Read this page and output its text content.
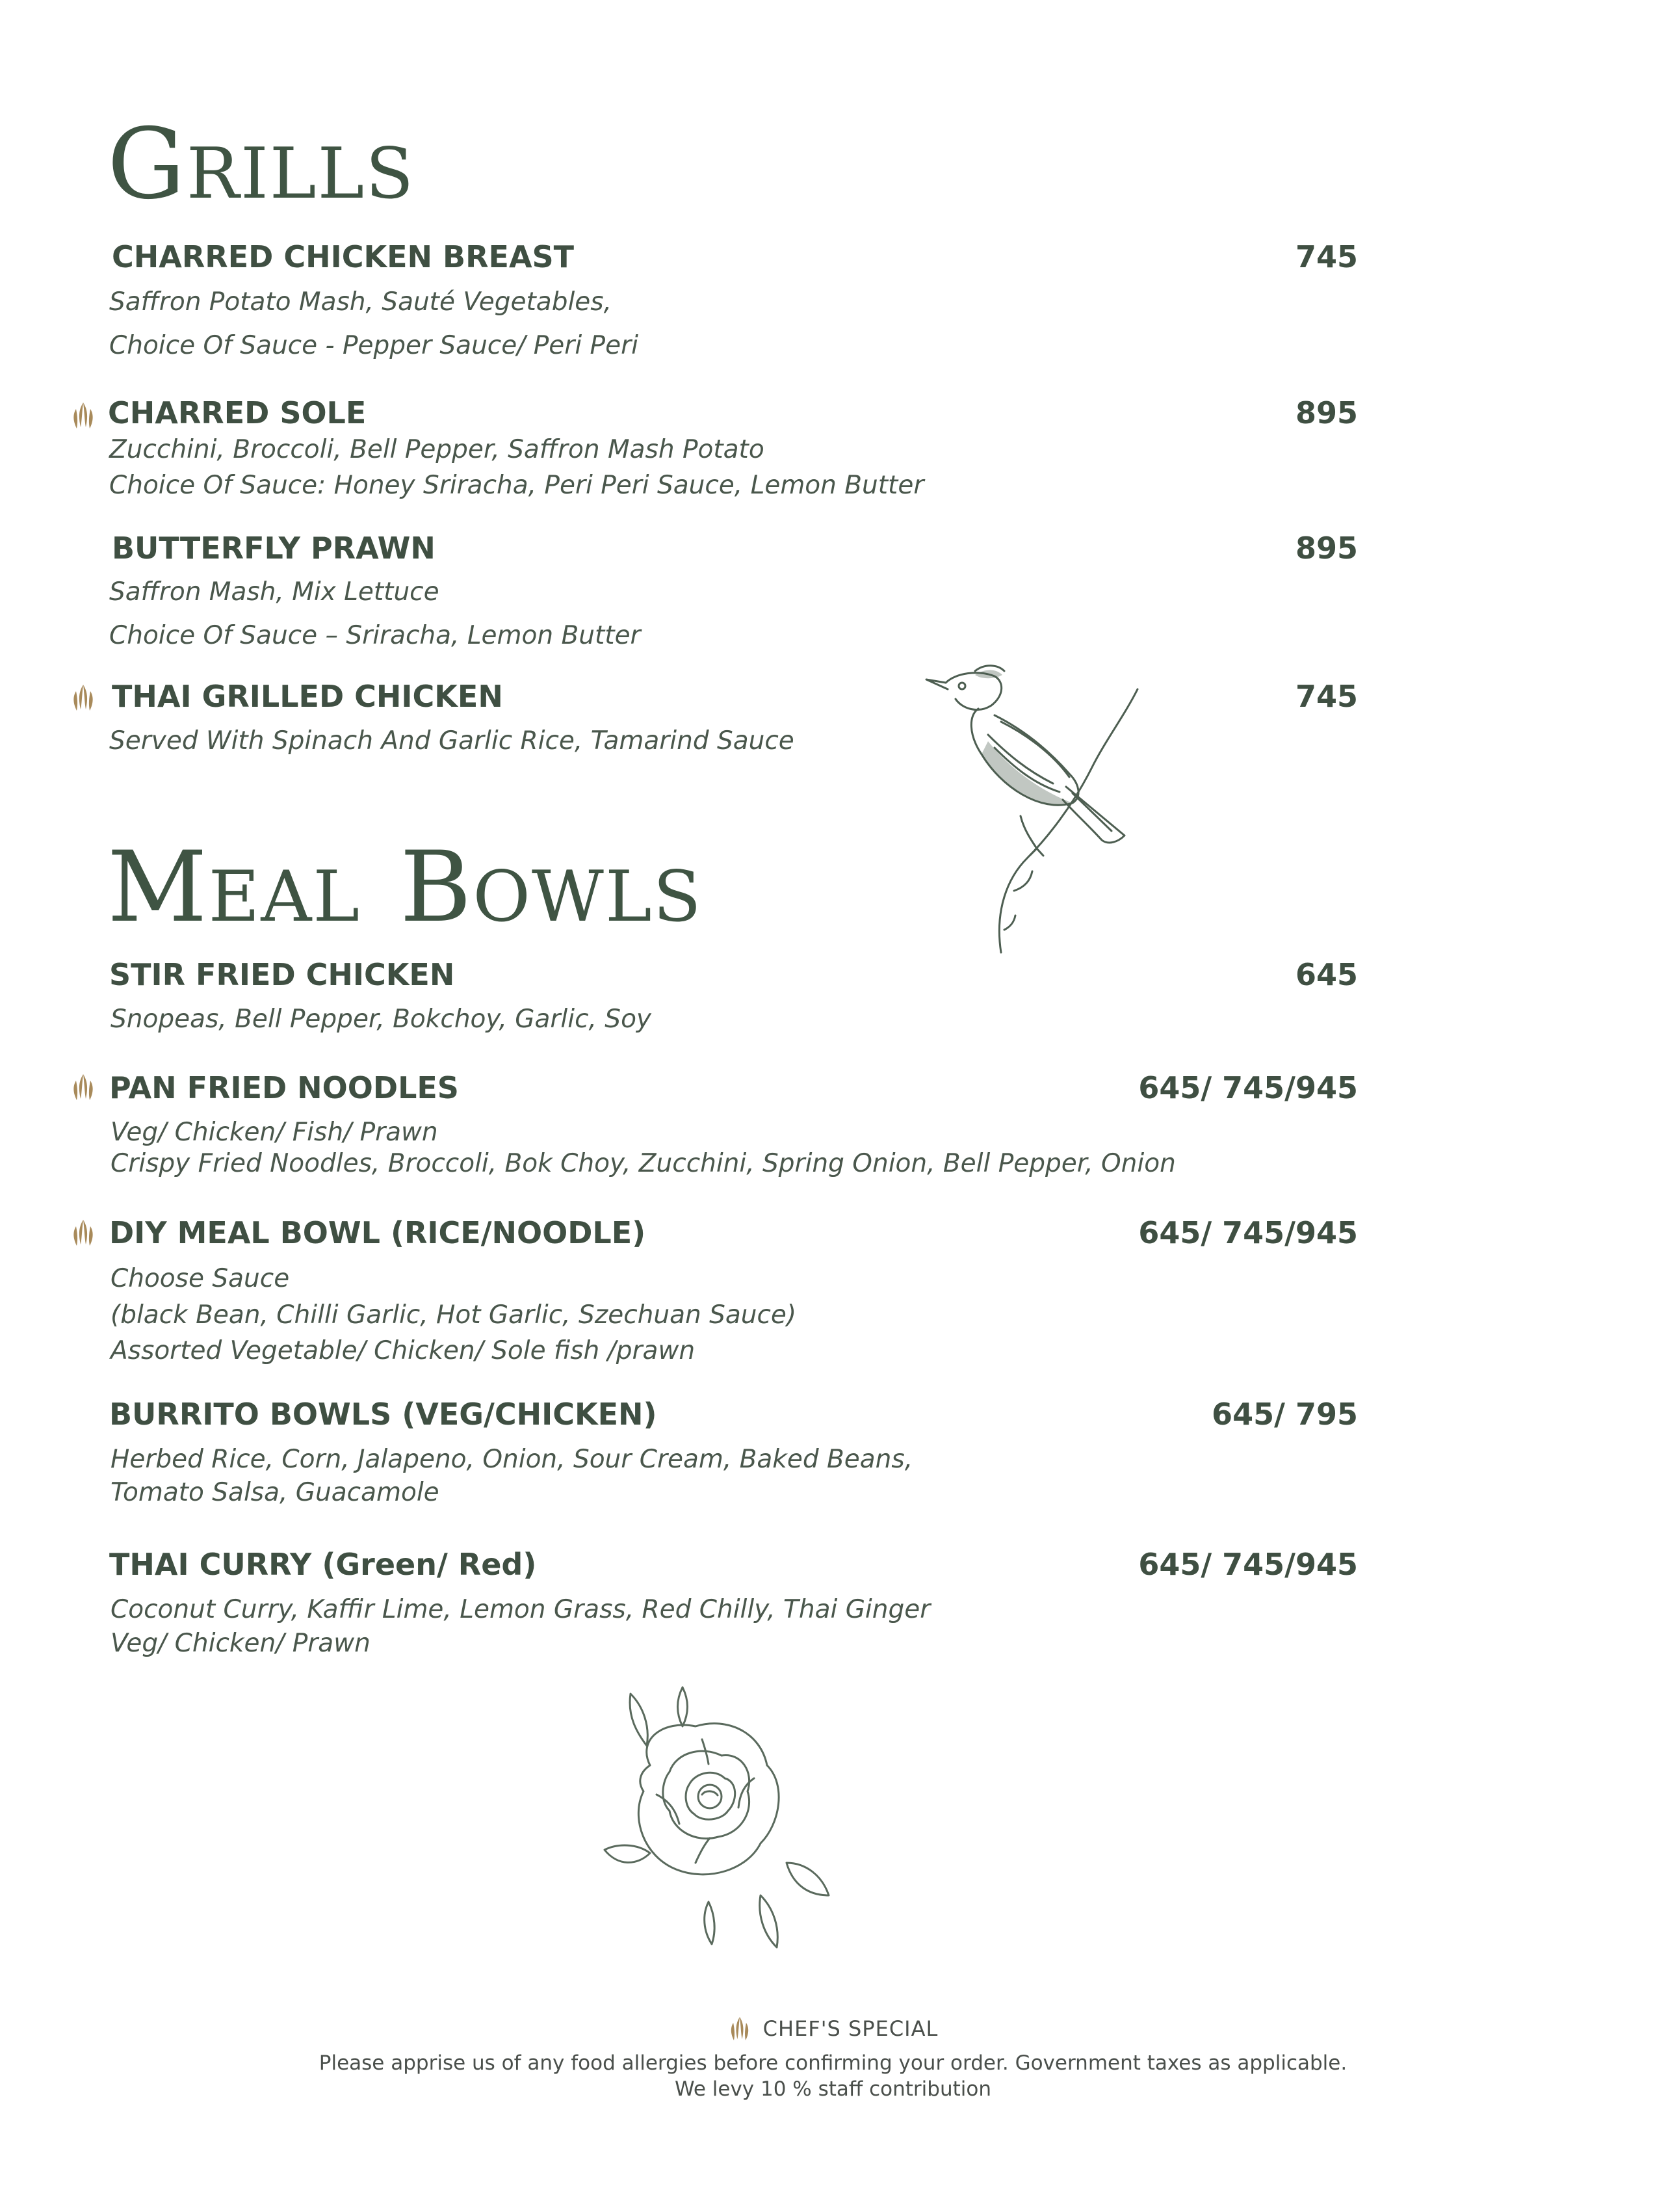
GRILLS
CHARRED CHICKEN BREAST	745
Saffron Potato Mash, Sauté Vegetables,
Choice Of Sauce - Pepper Sauce/ Peri Peri
CHARRED SOLE	895
Zucchini, Broccoli, Bell Pepper, Saffron Mash Potato
Choice Of Sauce: Honey Sriracha, Peri Peri Sauce, Lemon Butter
BUTTERFLY PRAWN	895
Saffron Mash, Mix Lettuce
Choice Of Sauce – Sriracha, Lemon Butter
THAI GRILLED CHICKEN	745
Served With Spinach And Garlic Rice, Tamarind Sauce
MEAL BOWLS
STIR FRIED CHICKEN	645
Snopeas, Bell Pepper, Bokchoy, Garlic, Soy
PAN FRIED NOODLES	645/ 745/945
Veg/ Chicken/ Fish/ Prawn
Crispy Fried Noodles, Broccoli, Bok Choy, Zucchini, Spring Onion, Bell Pepper, Onion
DIY MEAL BOWL (RICE/NOODLE)	645/ 745/945
Choose Sauce
(black Bean, Chilli Garlic, Hot Garlic, Szechuan Sauce)
Assorted Vegetable/ Chicken/ Sole fish /prawn
BURRITO BOWLS (VEG/CHICKEN)	645/ 795
Herbed Rice, Corn, Jalapeno, Onion, Sour Cream, Baked Beans,
Tomato Salsa, Guacamole
THAI CURRY (Green/ Red)	645/ 745/945
Coconut Curry, Kaffir Lime, Lemon Grass, Red Chilly, Thai Ginger
Veg/ Chicken/ Prawn
CHEF'S SPECIAL
Please apprise us of any food allergies before confirming your order. Government taxes as applicable.
We levy 10 % staff contribution
